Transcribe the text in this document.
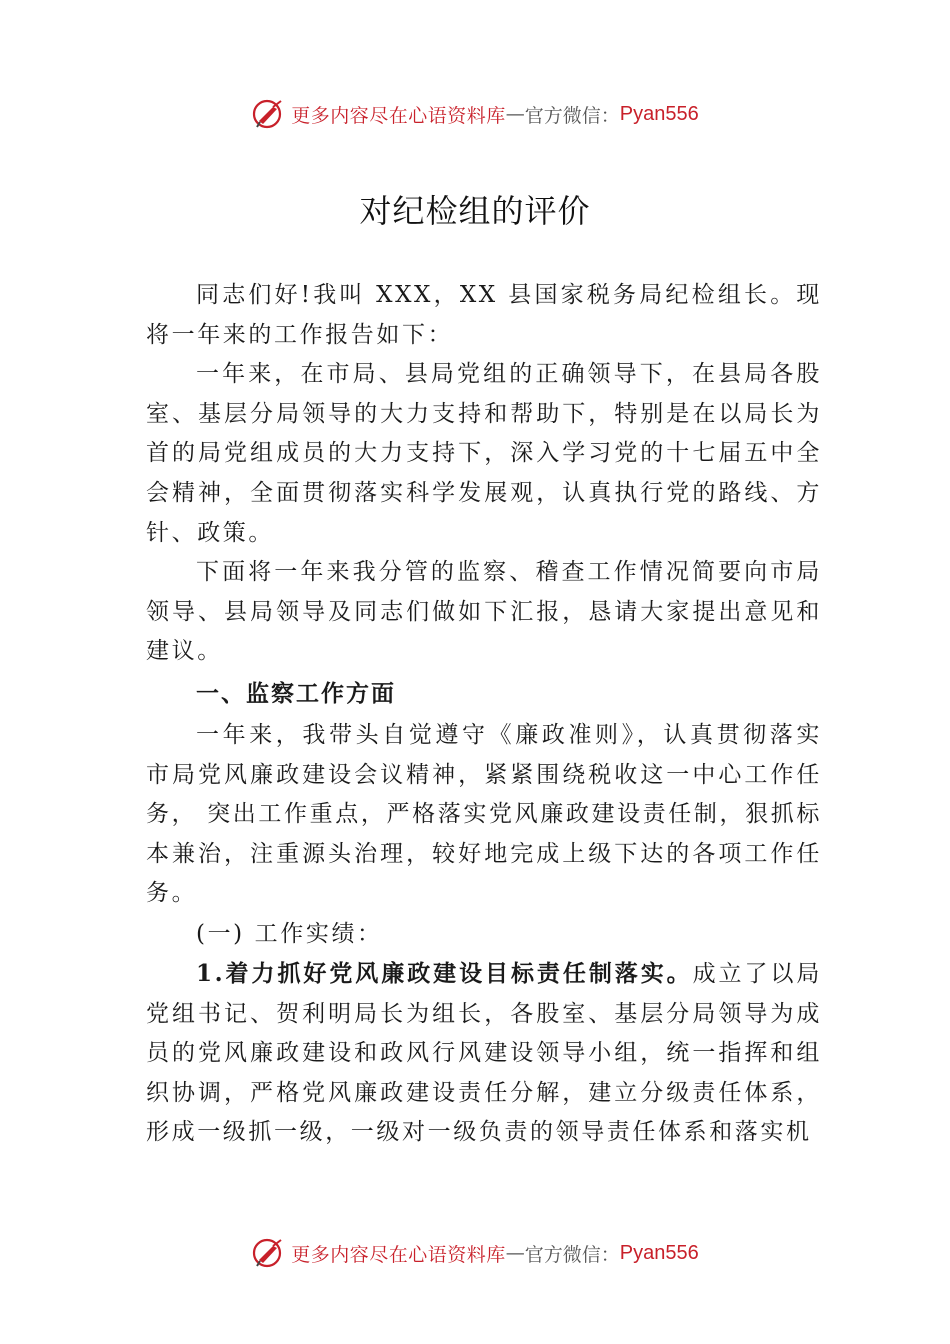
更多内容尽在心语资料库 — 官方微信： Pyan556
对纪检组的评价

同志们好!我叫 XXX，XX 县国家税务局纪检组长。现将一年来的工作报告如下：

一年来，在市局、县局党组的正确领导下，在县局各股室、基层分局领导的大力支持和帮助下，特别是在以局长为首的局党组成员的大力支持下，深入学习党的十七届五中全会精神，全面贯彻落实科学发展观，认真执行党的路线、方针、政策。

下面将一年来我分管的监察、稽查工作情况简要向市局领导、县局领导及同志们做如下汇报，恳请大家提出意见和建议。

一、监察工作方面

一年来，我带头自觉遵守《廉政准则》，认真贯彻落实市局党风廉政建设会议精神，紧紧围绕税收这一中心工作任务， 突出工作重点，严格落实党风廉政建设责任制，狠抓标本兼治，注重源头治理，较好地完成上级下达的各项工作任务。

(一) 工作实绩：

1.着力抓好党风廉政建设目标责任制落实。成立了以局党组书记、贺利明局长为组长，各股室、基层分局领导为成员的党风廉政建设和政风行风建设领导小组，统一指挥和组织协调，严格党风廉政建设责任分解，建立分级责任体系， 形成一级抓一级，一级对一级负责的领导责任体系和落实机

更多内容尽在心语资料库 — 官方微信： Pyan556
